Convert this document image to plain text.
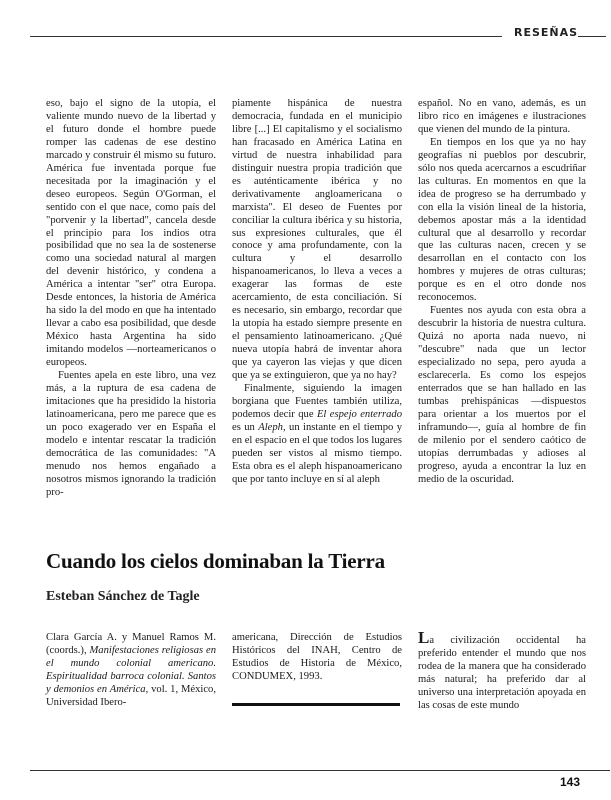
RESEÑAS

eso, bajo el signo de la utopía, el valiente mundo nuevo de la libertad y el futuro donde el hombre puede romper las cadenas de ese destino marcado y construir él mismo su futuro. América fue inventada porque fue necesitada por la imaginación y el deseo europeos. Según O'Gorman, el sentido con el que nace, como país del "porvenir y la libertad", cancela desde el principio para los indios otra posibilidad que no sea la de sostenerse como una sociedad natural al margen del devenir histórico, y condena a América a intentar "ser" otra Europa. Desde entonces, la historia de América ha sido la del modo en que ha intentado llevar a cabo esa posibilidad, que desde México hasta Argentina ha sido imitando modelos —norteamericanos o europeos.

Fuentes apela en este libro, una vez más, a la ruptura de esa cadena de imitaciones que ha presidido la historia latinoamericana, pero me parece que es un poco exagerado ver en España el modelo e intentar rescatar la tradición democrática de las comunidades: "A menudo nos hemos engañado a nosotros mismos ignorando la tradición pro-

piamente hispánica de nuestra democracia, fundada en el municipio libre [...] El capitalismo y el socialismo han fracasado en América Latina en virtud de nuestra inhabilidad para distinguir nuestra propia tradición que es auténticamente ibérica y no derivativamente angloamericana o marxista". El deseo de Fuentes por conciliar la cultura ibérica y su historia, sus expresiones culturales, que él conoce y ama profundamente, con la cultura y el desarrollo hispanoamericanos, lo lleva a veces a exagerar las formas de este acercamiento, de esta conciliación. Sí es necesario, sin embargo, recordar que la utopía ha estado siempre presente en el pensamiento latinoamericano. ¿Qué nueva utopía habrá de inventar ahora que ya cayeron las viejas y que dicen que ya se extinguieron, que ya no hay?

Finalmente, siguiendo la imagen borgiana que Fuentes también utiliza, podemos decir que El espejo enterrado es un Aleph, un instante en el tiempo y en el espacio en el que todos los lugares pueden ser vistos al mismo tiempo. Esta obra es el aleph hispanoamericano que por tanto incluye en sí al aleph

español. No en vano, además, es un libro rico en imágenes e ilustraciones que vienen del mundo de la pintura.

En tiempos en los que ya no hay geografías ni pueblos por descubrir, sólo nos queda acercarnos a escudriñar las culturas. En momentos en que la idea de progreso se ha derrumbado y con ella la visión lineal de la historia, debemos apostar más a la identidad cultural que al desarrollo y recordar que las culturas nacen, crecen y se desarrollan en el contacto con los hombres y mujeres de otras culturas; porque es en el otro donde nos reconocemos.

Fuentes nos ayuda con esta obra a descubrir la historia de nuestra cultura. Quizá no aporta nada nuevo, ni "descubre" nada que un lector especializado no sepa, pero ayuda a esclarecerla. Es como los espejos enterrados que se han hallado en las tumbas prehispánicas —dispuestos para orientar a los muertos por el inframundo—, guía al hombre de fin de milenio por el sendero caótico de utopías derrumbadas y adioses al progreso, ayuda a encontrar la luz en medio de la oscuridad.

Cuando los cielos dominaban la Tierra
Esteban Sánchez de Tagle

Clara García A. y Manuel Ramos M. (coords.), Manifestaciones religiosas en el mundo colonial americano. Espiritualidad barroca colonial. Santos y demonios en América, vol. 1, México, Universidad Ibero-

americana, Dirección de Estudios Históricos del INAH, Centro de Estudios de Historia de México, CONDUMEX, 1993.

La civilización occidental ha preferido entender el mundo que nos rodea de la manera que ha considerado más natural; ha preferido dar al universo una interpretación apoyada en las cosas de este mundo

143
